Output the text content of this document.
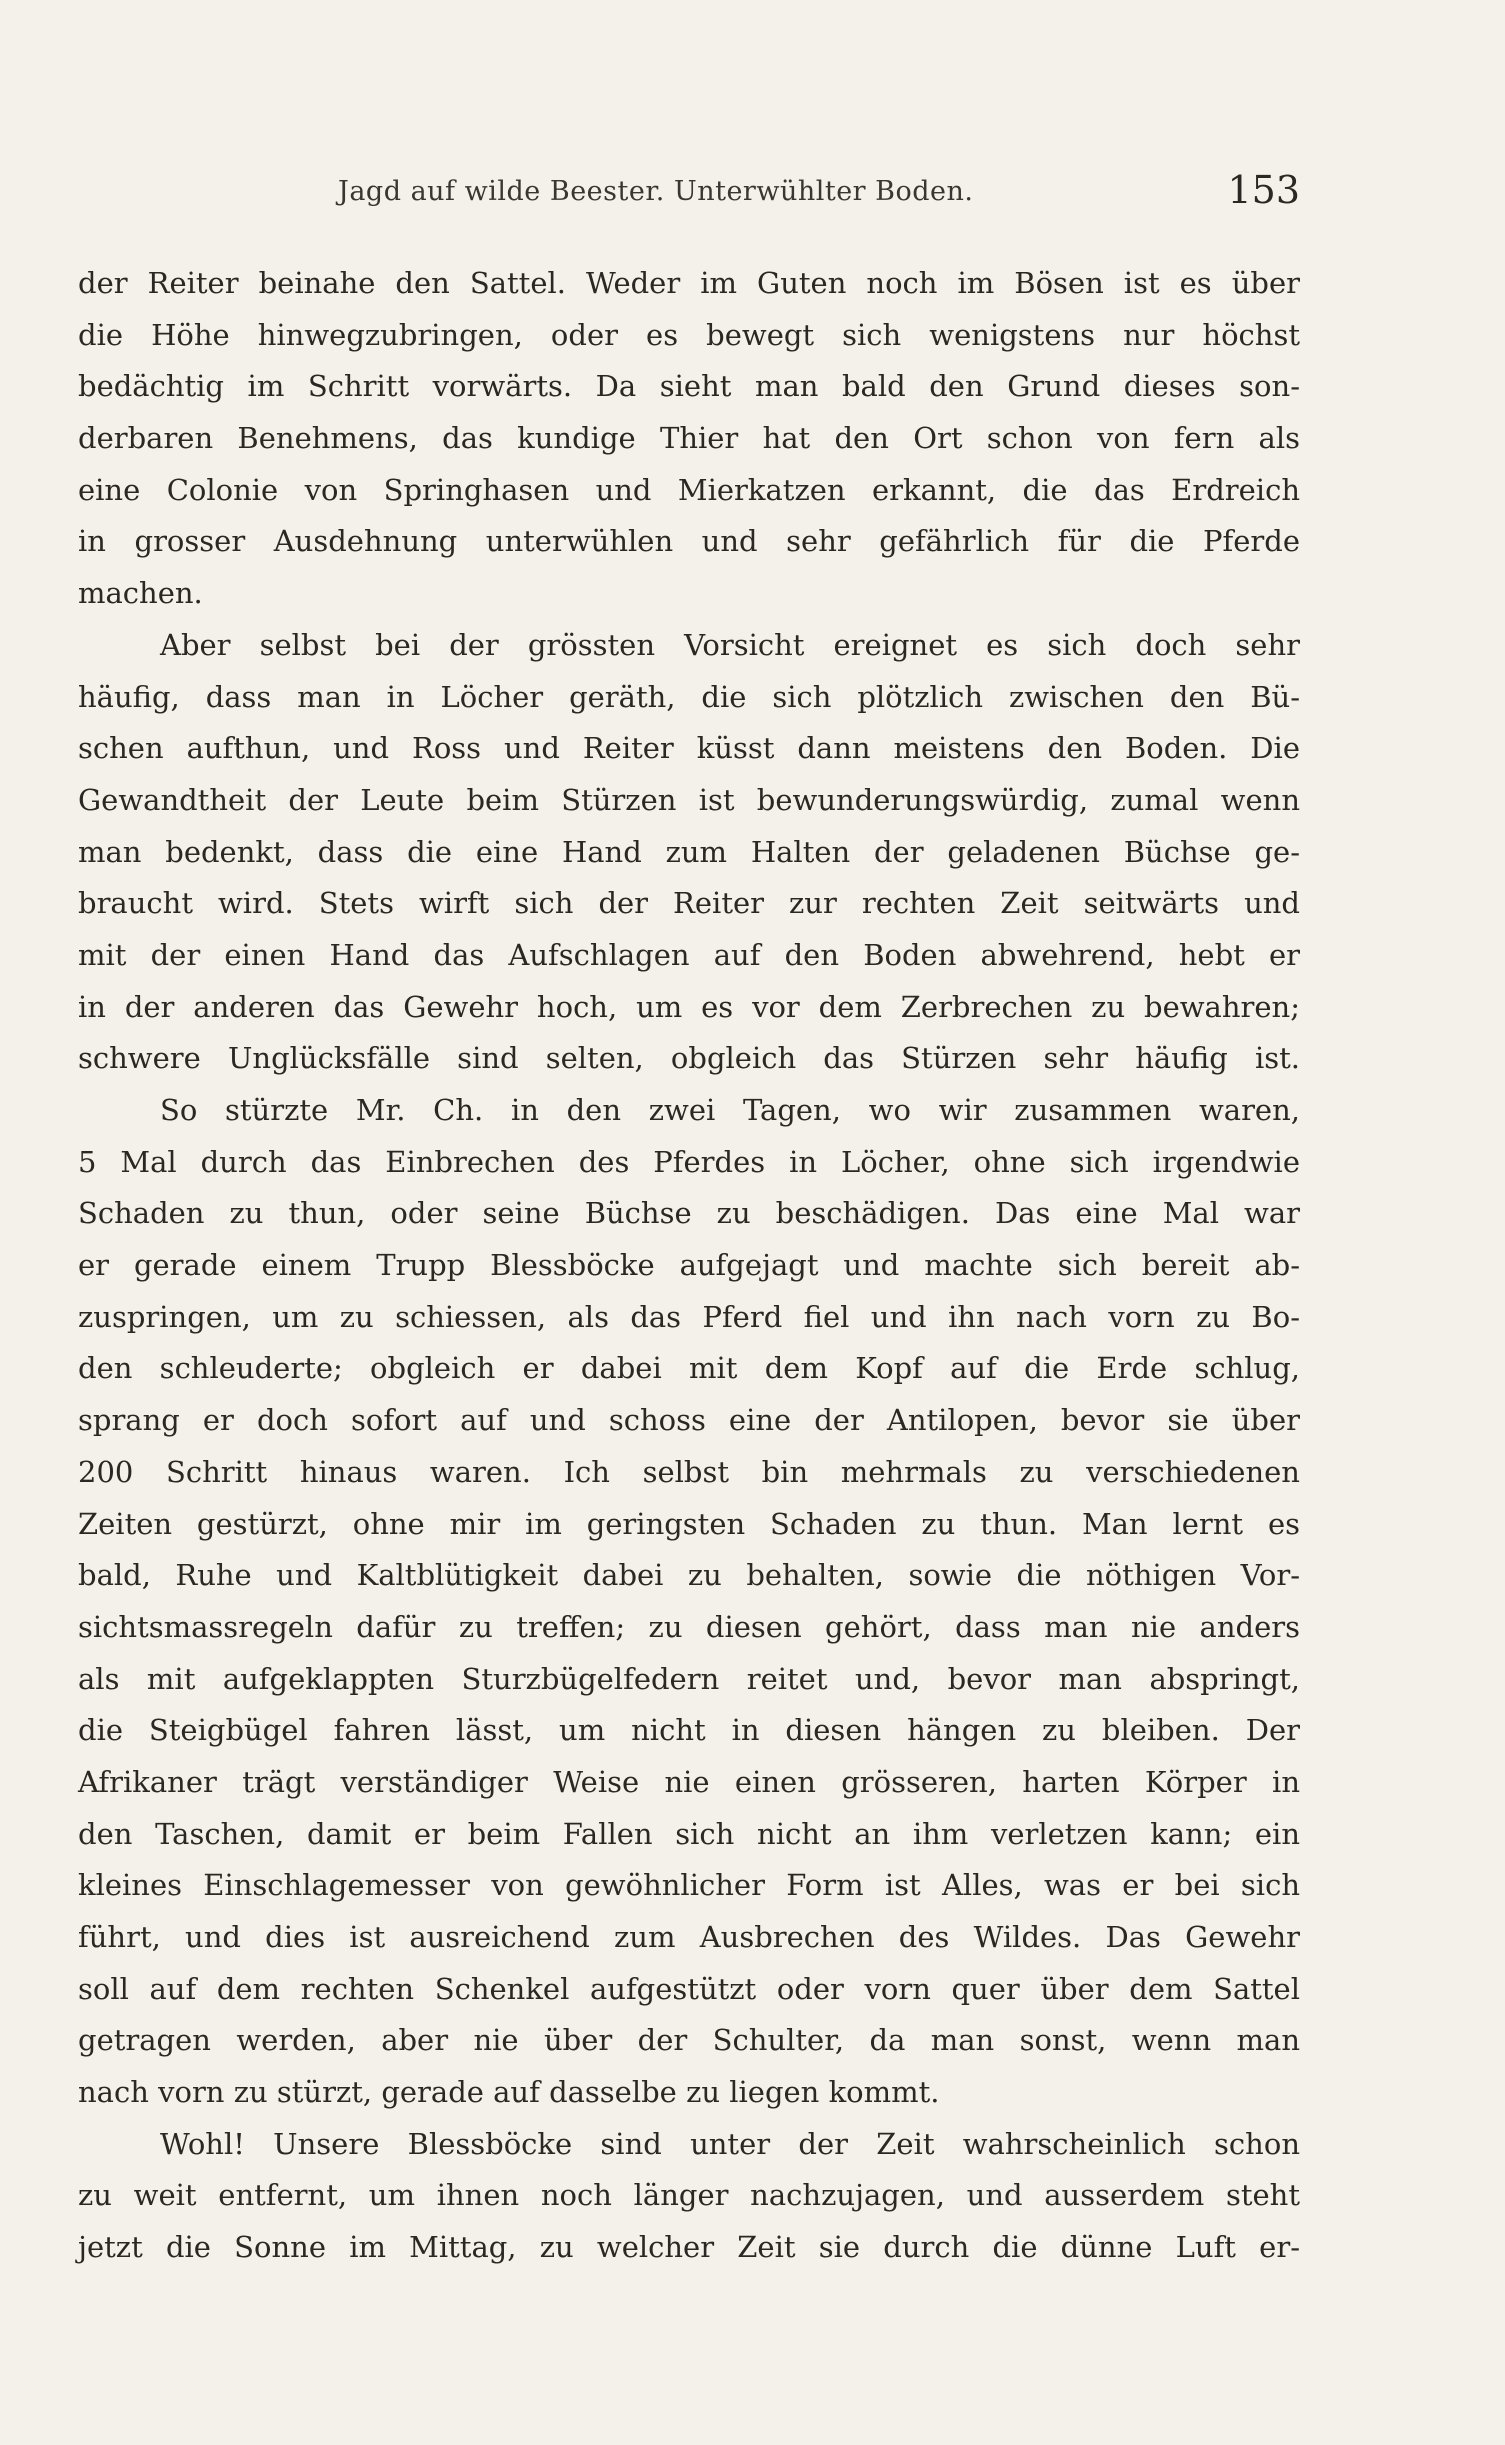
Jagd auf wilde Beester. Unterwühlter Boden.	153
der Reiter beinahe den Sattel. Weder im Guten noch im Bösen ist es über
die Höhe hinwegzubringen, oder es bewegt sich wenigstens nur höchst
bedächtig im Schritt vorwärts. Da sieht man bald den Grund dieses son-
derbaren Benehmens, das kundige Thier hat den Ort schon von fern als
eine Colonie von Springhasen und Mierkatzen erkannt, die das Erdreich
in grosser Ausdehnung unterwühlen und sehr gefährlich für die Pferde
machen.
Aber selbst bei der grössten Vorsicht ereignet es sich doch sehr
häufig, dass man in Löcher geräth, die sich plötzlich zwischen den Bü-
schen aufthun, und Ross und Reiter küsst dann meistens den Boden. Die
Gewandtheit der Leute beim Stürzen ist bewunderungswürdig, zumal wenn
man bedenkt, dass die eine Hand zum Halten der geladenen Büchse ge-
braucht wird. Stets wirft sich der Reiter zur rechten Zeit seitwärts und
mit der einen Hand das Aufschlagen auf den Boden abwehrend, hebt er
in der anderen das Gewehr hoch, um es vor dem Zerbrechen zu bewahren;
schwere Unglücksfälle sind selten, obgleich das Stürzen sehr häufig ist.
So stürzte Mr. Ch. in den zwei Tagen, wo wir zusammen waren,
5 Mal durch das Einbrechen des Pferdes in Löcher, ohne sich irgendwie
Schaden zu thun, oder seine Büchse zu beschädigen. Das eine Mal war
er gerade einem Trupp Blessböcke aufgejagt und machte sich bereit ab-
zuspringen, um zu schiessen, als das Pferd fiel und ihn nach vorn zu Bo-
den schleuderte; obgleich er dabei mit dem Kopf auf die Erde schlug,
sprang er doch sofort auf und schoss eine der Antilopen, bevor sie über
200 Schritt hinaus waren. Ich selbst bin mehrmals zu verschiedenen
Zeiten gestürzt, ohne mir im geringsten Schaden zu thun. Man lernt es
bald, Ruhe und Kaltblütigkeit dabei zu behalten, sowie die nöthigen Vor-
sichtsmassregeln dafür zu treffen; zu diesen gehört, dass man nie anders
als mit aufgeklappten Sturzbügelfedern reitet und, bevor man abspringt,
die Steigbügel fahren lässt, um nicht in diesen hängen zu bleiben. Der
Afrikaner trägt verständiger Weise nie einen grösseren, harten Körper in
den Taschen, damit er beim Fallen sich nicht an ihm verletzen kann; ein
kleines Einschlagemesser von gewöhnlicher Form ist Alles, was er bei sich
führt, und dies ist ausreichend zum Ausbrechen des Wildes. Das Gewehr
soll auf dem rechten Schenkel aufgestützt oder vorn quer über dem Sattel
getragen werden, aber nie über der Schulter, da man sonst, wenn man
nach vorn zu stürzt, gerade auf dasselbe zu liegen kommt.
Wohl! Unsere Blessböcke sind unter der Zeit wahrscheinlich schon
zu weit entfernt, um ihnen noch länger nachzujagen, und ausserdem steht
jetzt die Sonne im Mittag, zu welcher Zeit sie durch die dünne Luft er-
